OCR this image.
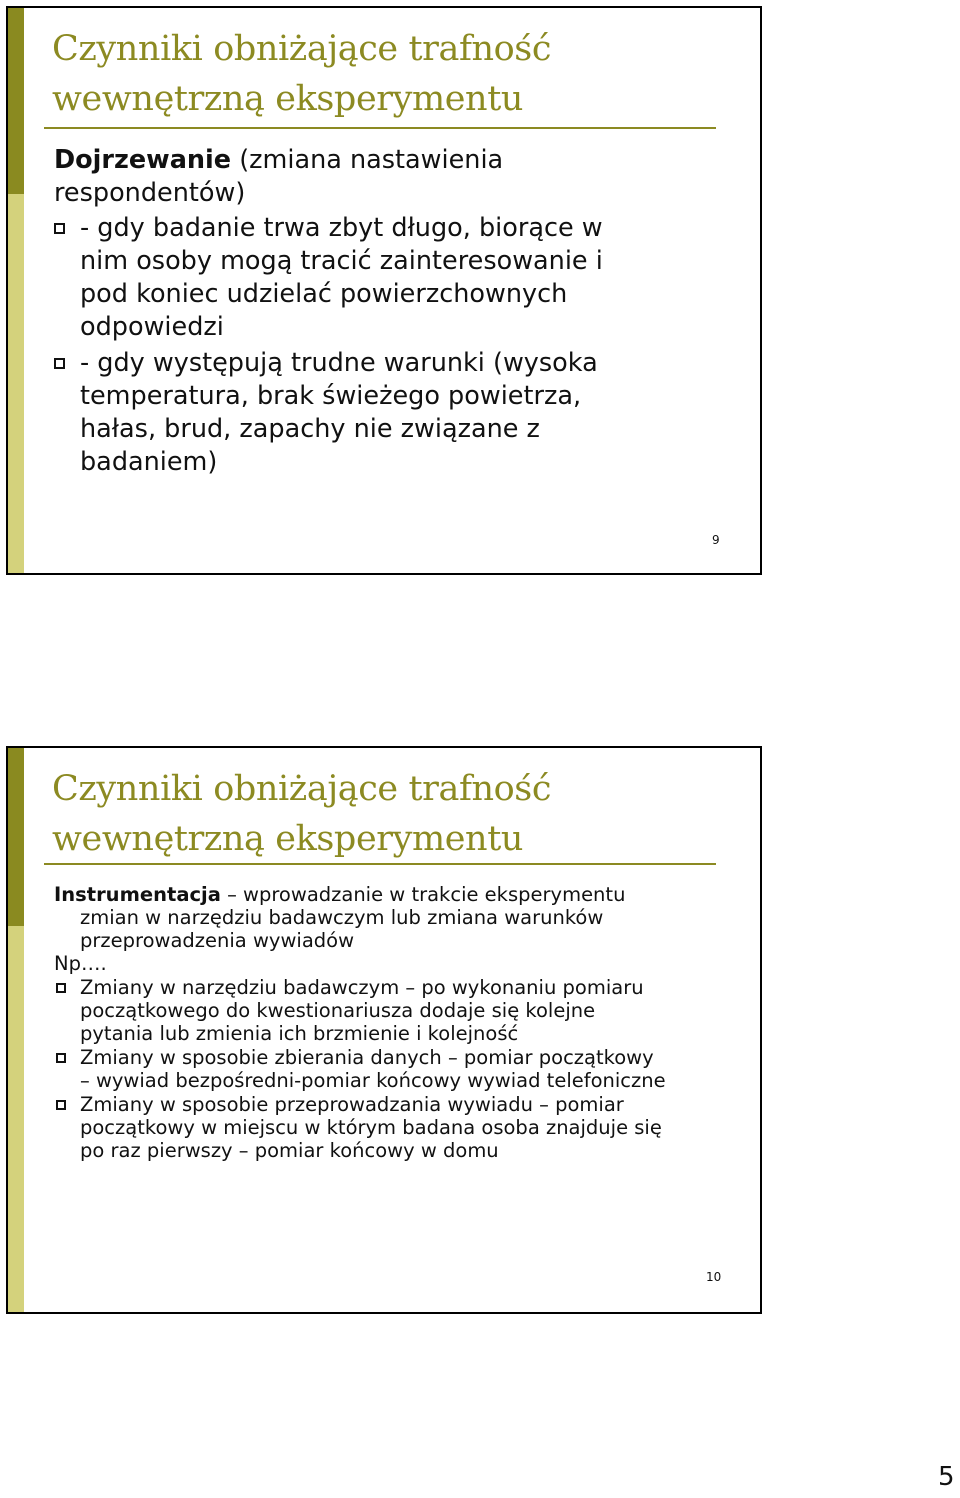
Czynniki obniżające trafność
wewnętrzną eksperymentu
Dojrzewanie (zmiana nastawienia
respondentów)
- gdy badanie trwa zbyt długo, biorące w
nim osoby mogą tracić zainteresowanie i
pod koniec udzielać powierzchownych
odpowiedzi
- gdy występują trudne warunki (wysoka
temperatura, brak świeżego powietrza,
hałas, brud, zapachy nie związane z
badaniem)
9
Czynniki obniżające trafność
wewnętrzną eksperymentu
Instrumentacja – wprowadzanie w trakcie eksperymentu
zmian w narzędziu badawczym lub zmiana warunków
przeprowadzenia wywiadów
Np….
Zmiany w narzędziu badawczym – po wykonaniu pomiaru
początkowego do kwestionariusza dodaje się kolejne
pytania lub zmienia ich brzmienie i kolejność
Zmiany w sposobie zbierania danych – pomiar początkowy
– wywiad bezpośredni-pomiar końcowy wywiad telefoniczne
Zmiany w sposobie przeprowadzania wywiadu – pomiar
początkowy w miejscu w którym badana osoba znajduje się
po raz pierwszy – pomiar końcowy w domu
10
5
